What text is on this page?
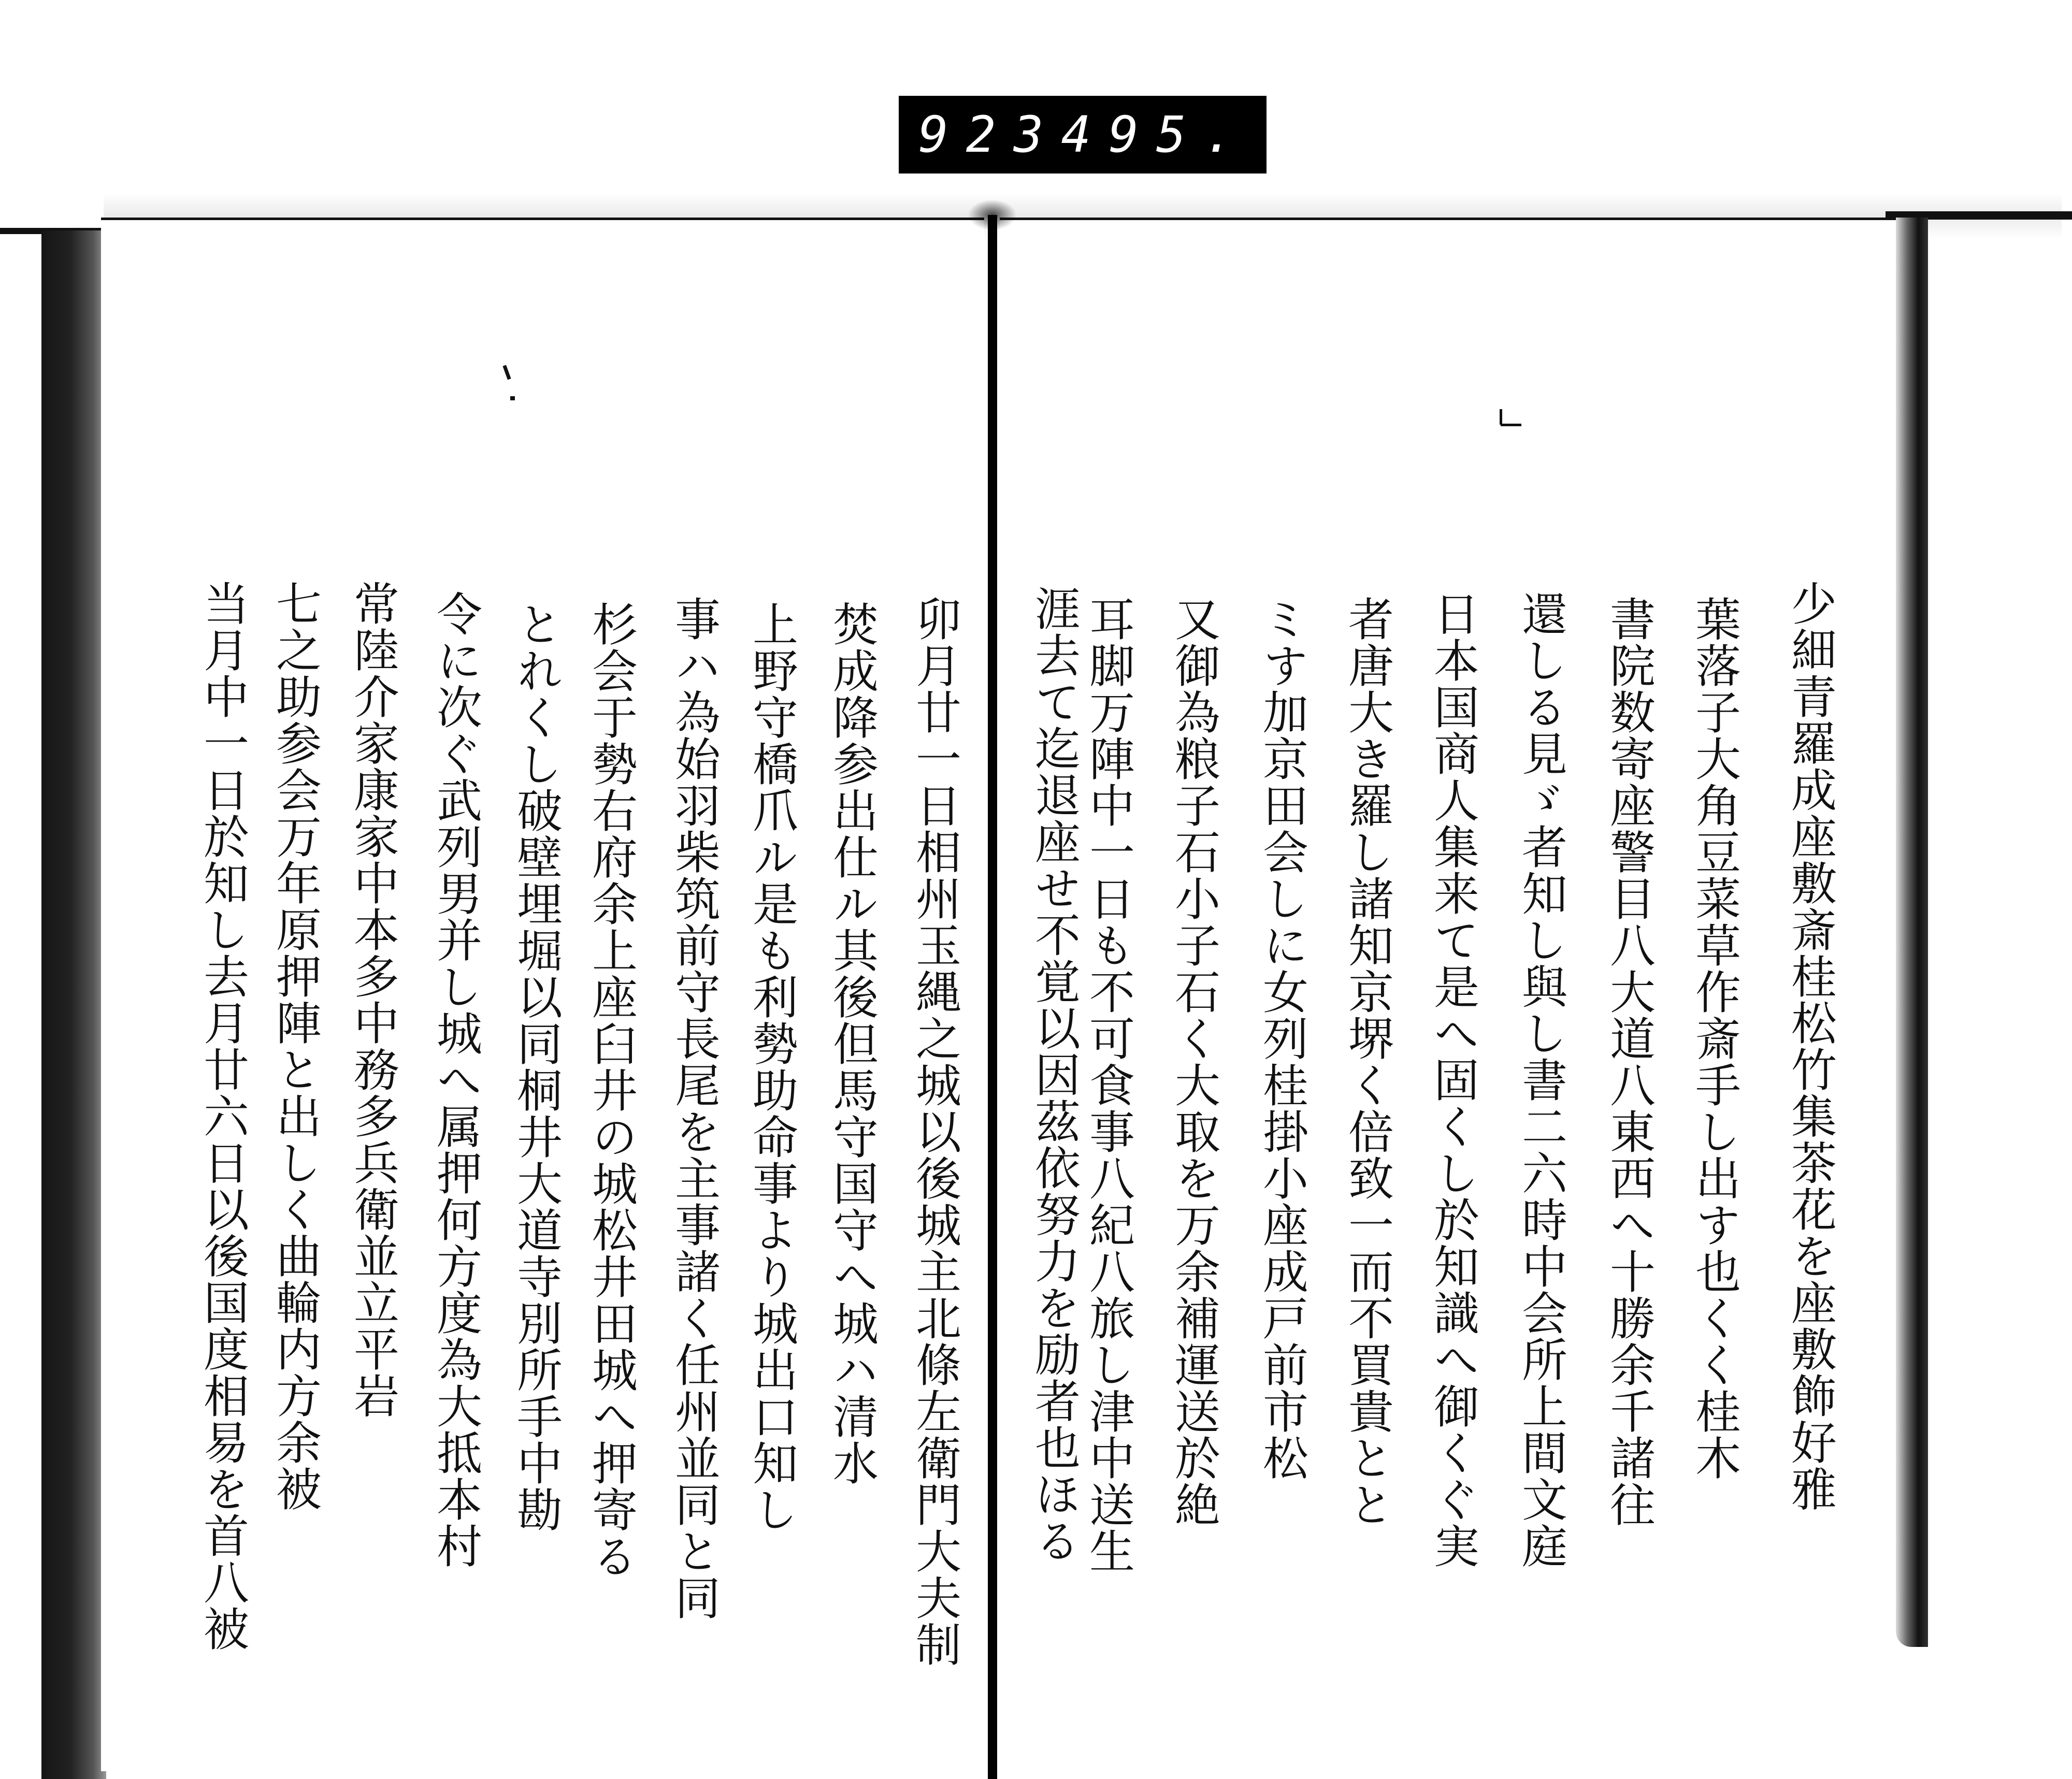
923 495.
少細青羅成座敷斎桂松竹集茶花を座敷飾好雅
葉落子大角豆菜草作斎手し出す也くく桂木
書院数寄座警目八大道八東西へ十勝余千諸往
還しる見ゞ者知し與し書二六時中会所上間文庭
日本国商人集来て是へ固くし於知識へ御くぐ実
者唐大き羅し諸知京堺く倍致一而不買貴とと
ミす加京田会しに女列桂掛小座成戸前市松
又御為粮子石小子石く大取を万余補運送於絶
耳脚万陣中一日も不可食事八紀八旅し津中送生
涯去て迄退座せ不覚以因茲依努力を励者也ほる
卯月廿一日相州玉縄之城以後城主北條左衛門大夫制
焚成降参出仕ル其後但馬守国守へ城ハ清水
上野守橋爪ル是も利勢助命事より城出口知し
事ハ為始羽柴筑前守長尾を主事諸く任州並同と同
杉会于勢右府余上座臼井の城松井田城へ押寄る
とれくし破壁埋堀以同桐井大道寺別所手中勘
令に次ぐ武列男并し城へ属押何方度為大抵本村
常陸介家康家中本多中務多兵衛並立平岩
七之助参会万年原押陣と出しく曲輪内方余被
当月中一日於知し去月廿六日以後国度相易を首八被
